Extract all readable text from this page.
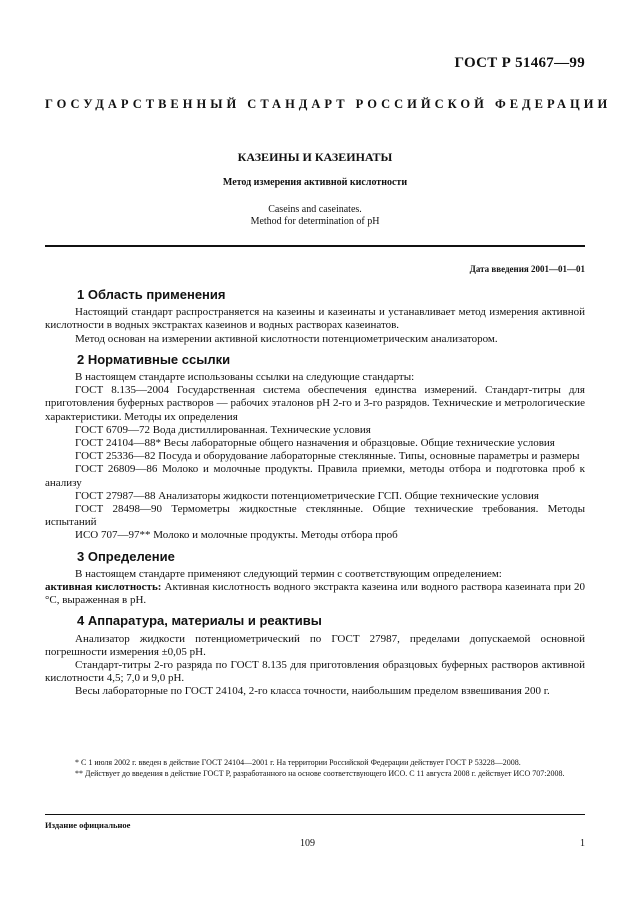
ГОСТ Р 51467—99
ГОСУДАРСТВЕННЫЙ СТАНДАРТ РОССИЙСКОЙ ФЕДЕРАЦИИ
КАЗЕИНЫ И КАЗЕИНАТЫ
Метод измерения активной кислотности
Caseins and caseinates.
Method for determination of pH
Дата введения 2001—01—01
1 Область применения

Настоящий стандарт распространяется на казеины и казеинаты и устанавливает метод измерения активной кислотности в водных экстрактах казеинов и водных растворах казеинатов.

Метод основан на измерении активной кислотности потенциометрическим анализатором.

2 Нормативные ссылки

В настоящем стандарте использованы ссылки на следующие стандарты:

ГОСТ 8.135—2004 Государственная система обеспечения единства измерений. Стандарт-титры для приготовления буферных растворов — рабочих эталонов рН 2-го и 3-го разрядов. Технические и метрологические характеристики. Методы их определения

ГОСТ 6709—72 Вода дистиллированная. Технические условия

ГОСТ 24104—88* Весы лабораторные общего назначения и образцовые. Общие технические условия

ГОСТ 25336—82 Посуда и оборудование лабораторные стеклянные. Типы, основные параметры и размеры

ГОСТ 26809—86 Молоко и молочные продукты. Правила приемки, методы отбора и подготовка проб к анализу

ГОСТ 27987—88 Анализаторы жидкости потенциометрические ГСП. Общие технические условия

ГОСТ 28498—90 Термометры жидкостные стеклянные. Общие технические требования. Методы испытаний

ИСО 707—97** Молоко и молочные продукты. Методы отбора проб

3 Определение

В настоящем стандарте применяют следующий термин с соответствующим определением:

активная кислотность: Активная кислотность водного экстракта казеина или водного раствора казеината при 20 °С, выраженная в рН.

4 Аппаратура, материалы и реактивы

Анализатор жидкости потенциометрический по ГОСТ 27987, пределами допускаемой основной погрешности измерения ±0,05 рН.

Стандарт-титры 2-го разряда по ГОСТ 8.135 для приготовления образцовых буферных растворов активной кислотности 4,5; 7,0 и 9,0 рН.

Весы лабораторные по ГОСТ 24104, 2-го класса точности, наибольшим пределом взвешивания 200 г.

* С 1 июля 2002 г. введен в действие ГОСТ 24104—2001 г. На территории Российской Федерации действует ГОСТ Р 53228—2008.

** Действует до введения в действие ГОСТ Р, разработанного на основе соответствующего ИСО. С 11 августа 2008 г. действует ИСО 707:2008.

Издание официальное
109	1
